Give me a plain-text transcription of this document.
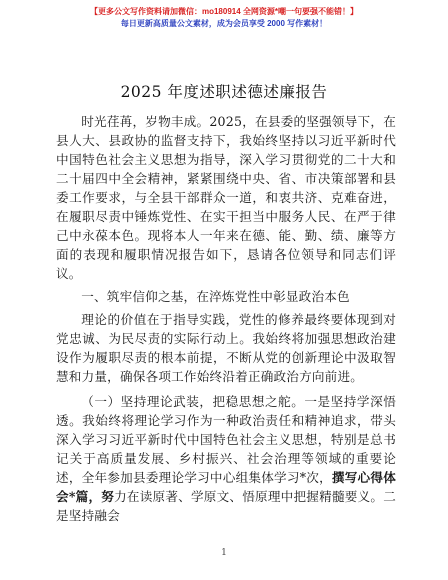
【更多公文写作资料请加微信：mo180914 全网资源*嘲一句要强不能错！】
每日更新高质量公文素材，成为会员享受 2000 写作素材！
2025 年度述职述德述廉报告

时光荏苒，岁物丰成。2025，在县委的坚强领导下，在县人大、县政协的监督支持下，我始终坚持以习近平新时代中国特色社会主义思想为指导，深入学习贯彻党的二十大和二十届四中全会精神，紧紧围绕中央、省、市决策部署和县委工作要求，与全县干部群众一道，和衷共济、克难奋进，在履职尽责中锤炼党性、在实干担当中服务人民、在严于律己中永葆本色。现将本人一年来在德、能、勤、绩、廉等方面的表现和履职情况报告如下，恳请各位领导和同志们评议。

一、筑牢信仰之基，在淬炼党性中彰显政治本色

理论的价值在于指导实践，党性的修养最终要体现到对党忠诚、为民尽责的实际行动上。我始终将加强思想政治建设作为履职尽责的根本前提，不断从党的创新理论中汲取智慧和力量，确保各项工作始终沿着正确政治方向前进。

（一）坚持理论武装，把稳思想之舵。一是坚持学深悟透。我始终将理论学习作为一种政治责任和精神追求，带头深入学习习近平新时代中国特色社会主义思想，特别是总书记关于高质量发展、乡村振兴、社会治理等领域的重要论述，全年参加县委理论学习中心组集体学习*次，撰写心得体会*篇，努力在读原著、学原文、悟原理中把握精髓要义。二是坚持融会

1
